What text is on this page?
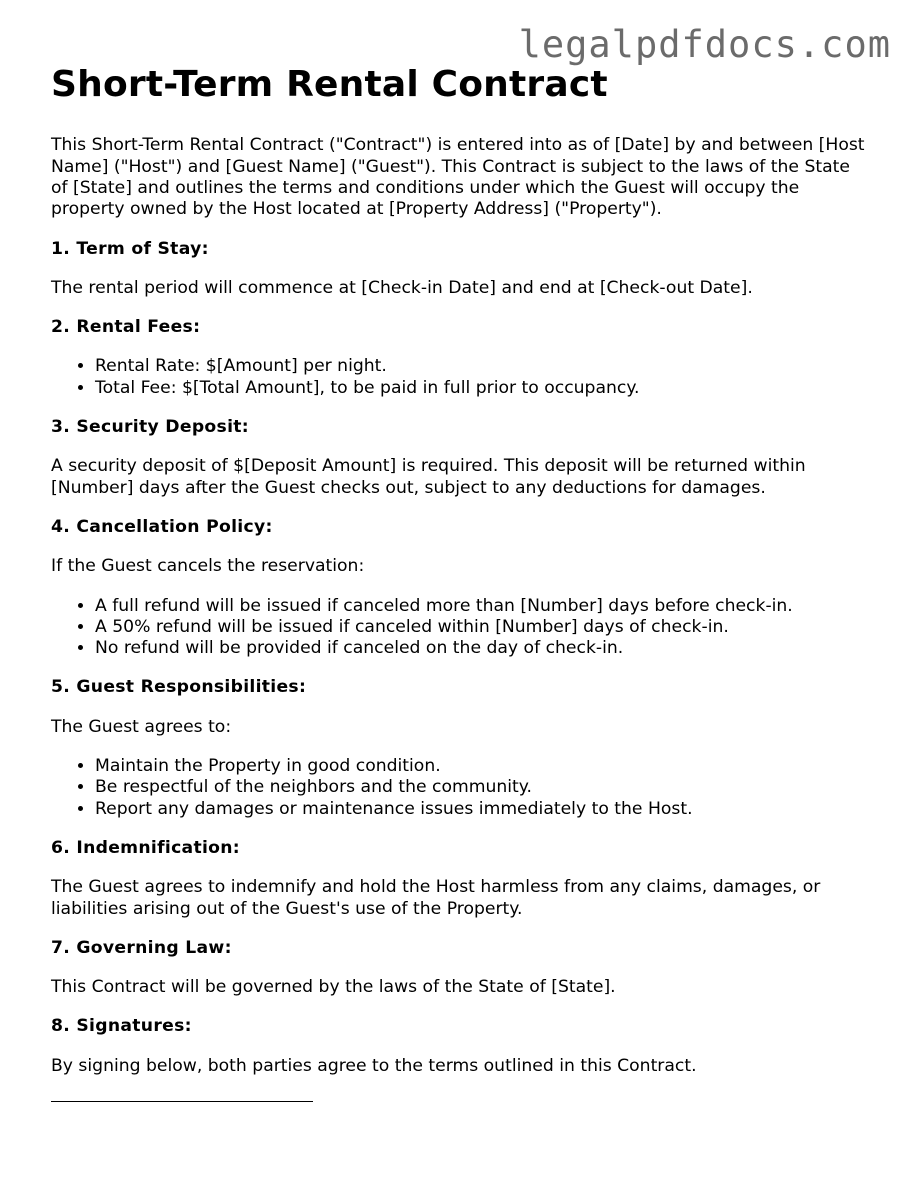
legalpdfdocs.com
Short-Term Rental Contract

This Short-Term Rental Contract ("Contract") is entered into as of [Date] by and between [Host Name] ("Host") and [Guest Name] ("Guest"). This Contract is subject to the laws of the State of [State] and outlines the terms and conditions under which the Guest will occupy the property owned by the Host located at [Property Address] ("Property").

1. Term of Stay:

The rental period will commence at [Check-in Date] and end at [Check-out Date].

2. Rental Fees:
• Rental Rate: $[Amount] per night.
• Total Fee: $[Total Amount], to be paid in full prior to occupancy.
3. Security Deposit:

A security deposit of $[Deposit Amount] is required. This deposit will be returned within [Number] days after the Guest checks out, subject to any deductions for damages.

4. Cancellation Policy:

If the Guest cancels the reservation:

• A full refund will be issued if canceled more than [Number] days before check-in.
• A 50% refund will be issued if canceled within [Number] days of check-in.
• No refund will be provided if canceled on the day of check-in.
5. Guest Responsibilities:

The Guest agrees to:

• Maintain the Property in good condition.
• Be respectful of the neighbors and the community.
• Report any damages or maintenance issues immediately to the Host.
6. Indemnification:

The Guest agrees to indemnify and hold the Host harmless from any claims, damages, or liabilities arising out of the Guest's use of the Property.

7. Governing Law:

This Contract will be governed by the laws of the State of [State].

8. Signatures:

By signing below, both parties agree to the terms outlined in this Contract.
